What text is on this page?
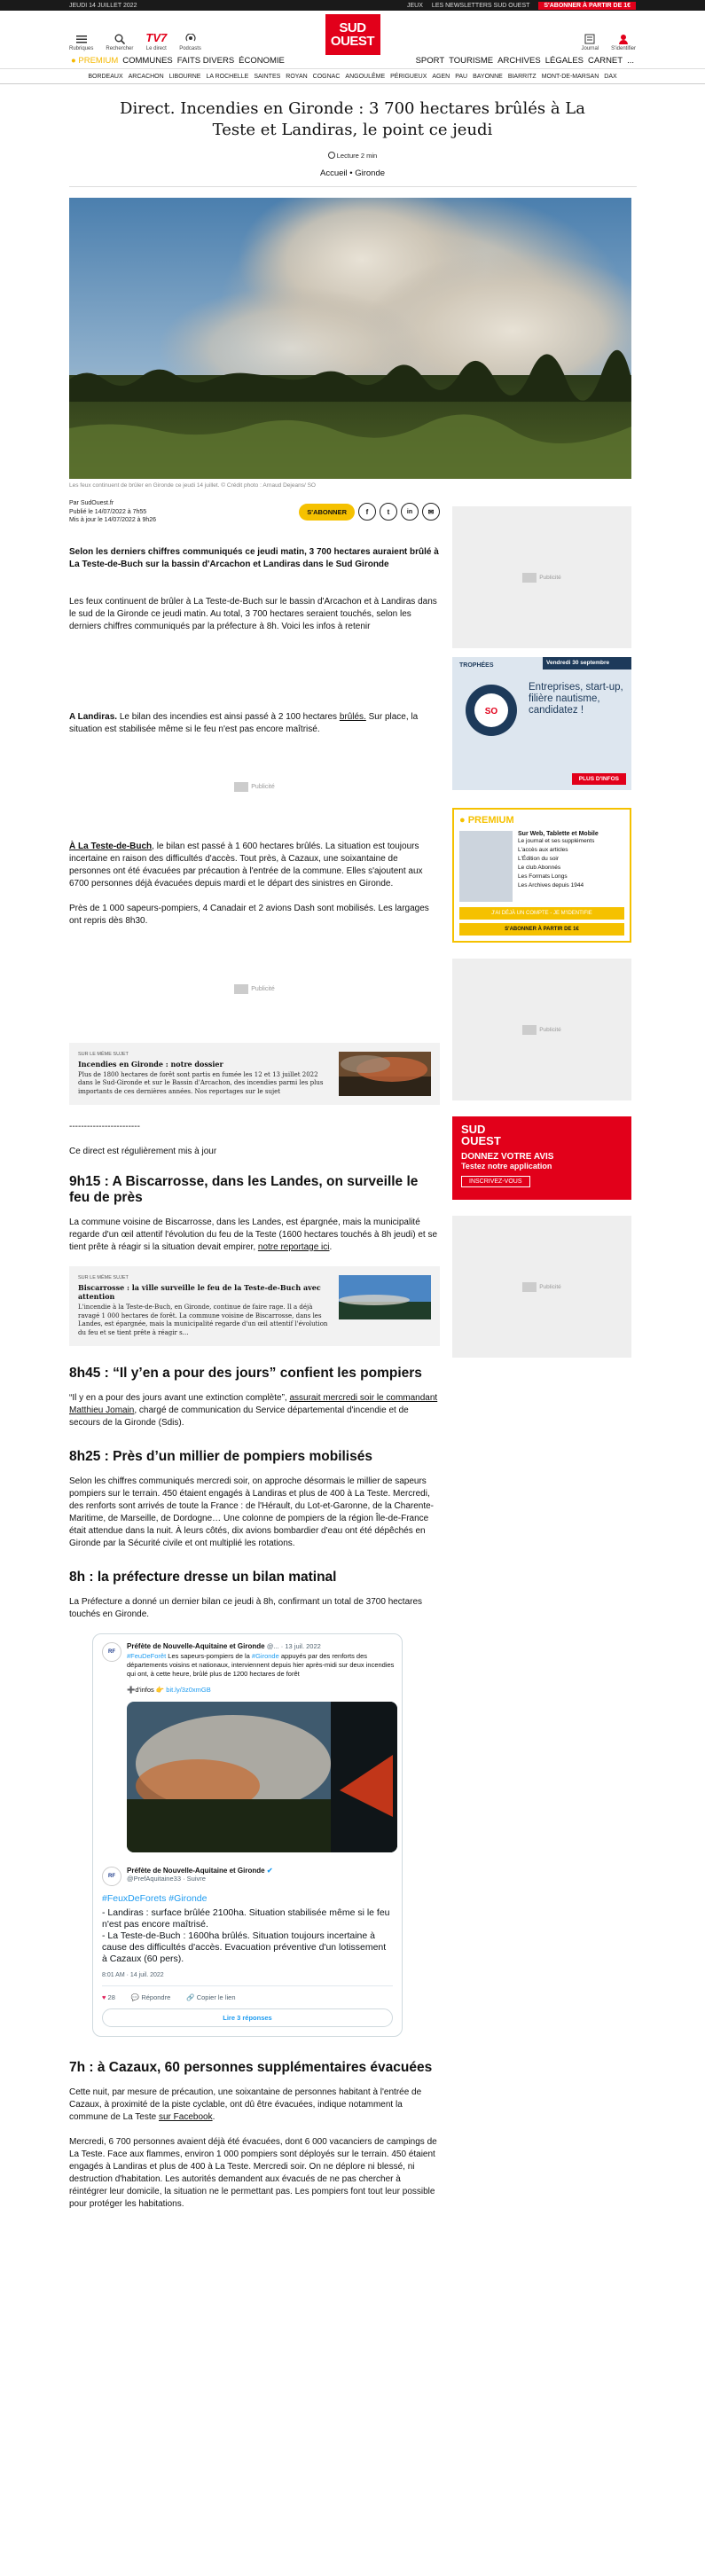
JEUDI 14 JUILLET 2022	JEUX LES NEWSLETTERS SUD OUEST	S'ABONNER À PARTIR DE 1€
Rubriques Rechercher
TV7
Le direct Podcasts
SUD
OUEST	Journal S'identifier
● PREMIUM COMMUNES FAITS DIVERS ÉCONOMIE	SPORT TOURISME ARCHIVES LÉGALES CARNET ...
BORDEAUX ARCACHON LIBOURNE LA ROCHELLE SAINTES ROYAN COGNAC ANGOULÊME PÉRIGUEUX AGEN PAU BAYONNE BIARRITZ MONT-DE-MARSAN DAX
Direct. Incendies en Gironde : 3 700 hectares brûlés à La Teste et Landiras, le point ce jeudi
Lecture 2 min
Accueil • Gironde
Les feux continuent de brûler en Gironde ce jeudi 14 juillet. © Crédit photo : Arnaud Dejeans/ SO
Par SudOuest.fr
Publié le 14/07/2022 à 7h55
Mis à jour le 14/07/2022 à 9h26
S'ABONNER	f	t	in	✉

Selon les derniers chiffres communiqués ce jeudi matin, 3 700 hectares auraient brûlé à La Teste-de-Buch sur la bassin d'Arcachon et Landiras dans le Sud Gironde

Les feux continuent de brûler à La Teste-de-Buch sur le bassin d'Arcachon et à Landiras dans le sud de la Gironde ce jeudi matin. Au total, 3 700 hectares seraient touchés, selon les derniers chiffres communiqués par la préfecture à 8h. Voici les infos à retenir

A Landiras. Le bilan des incendies est ainsi passé à 2 100 hectares brûlés. Sur place, la situation est stabilisée même si le feu n'est pas encore maîtrisé.

Publicité

À La Teste-de-Buch, le bilan est passé à 1 600 hectares brûlés. La situation est toujours incertaine en raison des difficultés d'accès. Tout près, à Cazaux, une soixantaine de personnes ont été évacuées par précaution à l'entrée de la commune. Elles s'ajoutent aux 6700 personnes déjà évacuées depuis mardi et le départ des sinistres en Gironde.

Près de 1 000 sapeurs-pompiers, 4 Canadair et 2 avions Dash sont mobilisés. Les largages ont repris dès 8h30.

Publicité
SUR LE MÊME SUJET
Incendies en Gironde : notre dossier
Plus de 1800 hectares de forêt sont partis en fumée les 12 et 13 juillet 2022 dans le Sud-Gironde et sur le Bassin d'Arcachon, des incendies parmi les plus importants de ces dernières années. Nos reportages sur le sujet

------------------------

Ce direct est régulièrement mis à jour

9h15 : A Biscarrosse, dans les Landes, on surveille le feu de près

La commune voisine de Biscarrosse, dans les Landes, est épargnée, mais la municipalité regarde d'un œil attentif l'évolution du feu de la Teste (1600 hectares touchés à 8h jeudi) et se tient prête à réagir si la situation devait empirer, notre reportage ici.

SUR LE MÊME SUJET
Biscarrosse : la ville surveille le feu de la Teste-de-Buch avec attention
L'incendie à la Teste-de-Buch, en Gironde, continue de faire rage. Il a déjà ravagé 1 000 hectares de forêt. La commune voisine de Biscarrosse, dans les Landes, est épargnée, mais la municipalité regarde d'un œil attentif l'évolution du feu et se tient prête à réagir s…
8h45 : “Il y’en a pour des jours” confient les pompiers

“Il y en a pour des jours avant une extinction complète”, assurait mercredi soir le commandant Matthieu Jomain, chargé de communication du Service départemental d'incendie et de secours de la Gironde (Sdis).

8h25 : Près d’un millier de pompiers mobilisés

Selon les chiffres communiqués mercredi soir, on approche désormais le millier de sapeurs pompiers sur le terrain. 450 étaient engagés à Landiras et plus de 400 à La Teste. Mercredi, des renforts sont arrivés de toute la France : de l'Hérault, du Lot-et-Garonne, de la Charente-Maritime, de Marseille, de Dordogne… Une colonne de pompiers de la région Île-de-France était attendue dans la nuit. À leurs côtés, dix avions bombardier d'eau ont été dépêchés en Gironde par la Sécurité civile et ont multiplié les rotations.

8h : la préfecture dresse un bilan matinal

La Préfecture a donné un dernier bilan ce jeudi à 8h, confirmant un total de 3700 hectares touchés en Gironde.

RF
Préfète de Nouvelle-Aquitaine et Gironde @... · 13 juil. 2022
#FeuDeForêt Les sapeurs-pompiers de la #Gironde appuyés par des renforts des départements voisins et nationaux, interviennent depuis hier après-midi sur deux incendies qui ont, à cette heure, brûlé plus de 1200 hectares de forêt
➕d'infos 👉 bit.ly/3z0xmGB
RF
Préfète de Nouvelle-Aquitaine et Gironde ✔
@PrefAquitaine33 · Suivre
#FeuxDeForets #Gironde
- Landiras : surface brûlée 2100ha. Situation stabilisée même si le feu n'est pas encore maîtrisé.
- La Teste-de-Buch : 1600ha brûlés. Situation toujours incertaine à cause des difficultés d'accès. Evacuation préventive d'un lotissement à Cazaux (60 pers).
8:01 AM · 14 juil. 2022
♥ 28 💬 Répondre 🔗 Copier le lien
Lire 3 réponses
7h : à Cazaux, 60 personnes supplémentaires évacuées

Cette nuit, par mesure de précaution, une soixantaine de personnes habitant à l'entrée de Cazaux, à proximité de la piste cyclable, ont dû être évacuées, indique notamment la commune de La Teste sur Facebook.

Mercredi, 6 700 personnes avaient déjà été évacuées, dont 6 000 vacanciers de campings de La Teste. Face aux flammes, environ 1 000 pompiers sont déployés sur le terrain. 450 étaient engagés à Landiras et plus de 400 à La Teste. Mercredi soir. On ne déplore ni blessé, ni destruction d'habitation. Les autorités demandent aux évacués de ne pas chercher à réintégrer leur domicile, la situation ne le permettant pas. Les pompiers font tout leur possible pour protéger les habitations.

Publicité
TROPHÉES	Vendredi 30 septembre
SO
Entreprises, start-up, filière nautisme, candidatez !
PLUS D'INFOS
● PREMIUM
Sur Web, Tablette et Mobile
Le journal et ses suppléments
L'accès aux articles
L'Édition du soir
Le club Abonnés
Les Formats Longs
Les Archives depuis 1944
J'AI DÉJÀ UN COMPTE - JE M'IDENTIFIE
S'ABONNER À PARTIR DE 1€
Publicité
SUD
OUEST
DONNEZ VOTRE AVIS
Testez notre application
INSCRIVEZ-VOUS
Publicité
